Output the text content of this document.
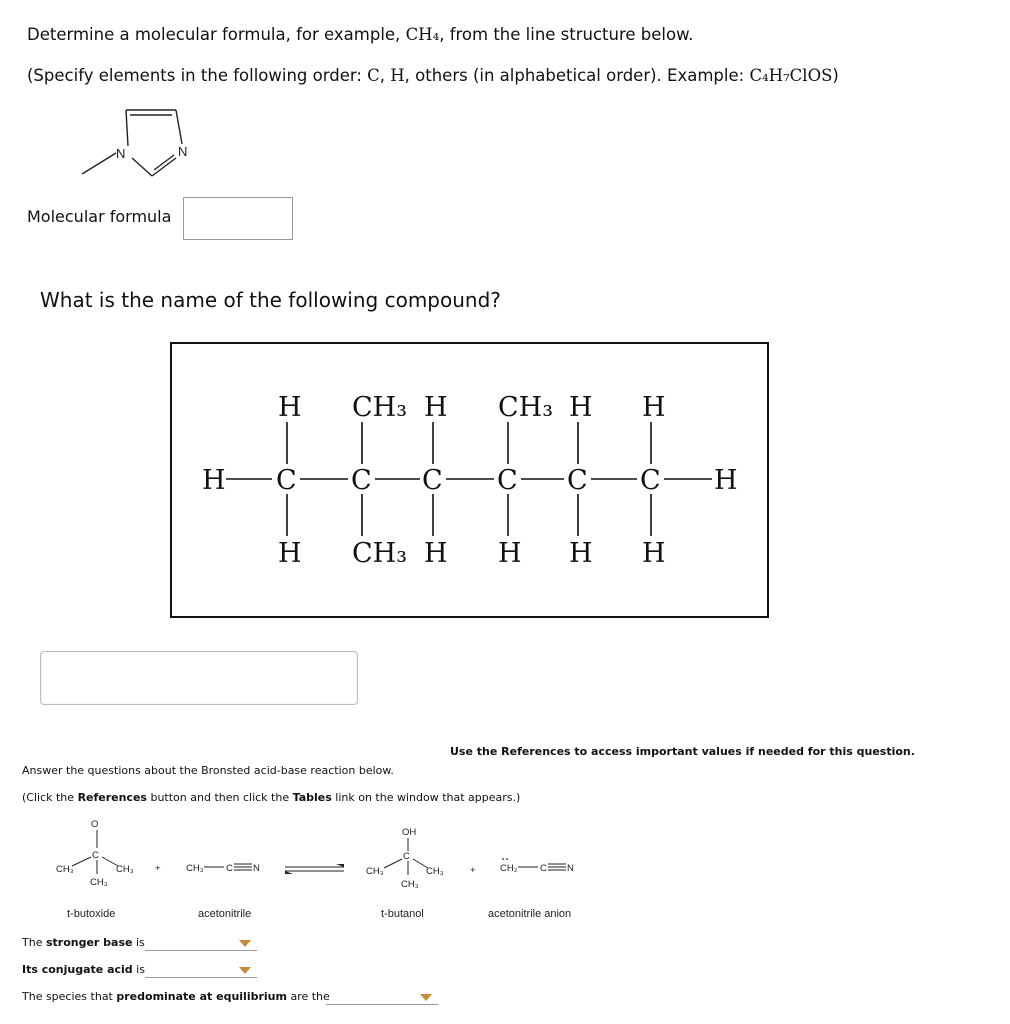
Determine a molecular formula, for example, CH₄, from the line structure below.
(Specify elements in the following order: C, H, others (in alphabetical order). Example: C₄H₇ClOS)
N	N
Molecular formula
What is the name of the following compound?
H CH₃ H CH₃ H H
H C C C C C C H
H CH₃ H H H H
Use the References to access important values if needed for this question.
Answer the questions about the Bronsted acid-base reaction below.
(Click the References button and then click the Tables link on the window that appears.)
O
C
CH₃	CH₃
CH₃
+	CH₃ C N
OH
C
CH₃	CH₃
CH₃
+	CH₂ C N
t-butoxide	acetonitrile	t-butanol	acetonitrile anion
The stronger base is
Its conjugate acid is
The species that predominate at equilibrium are the
